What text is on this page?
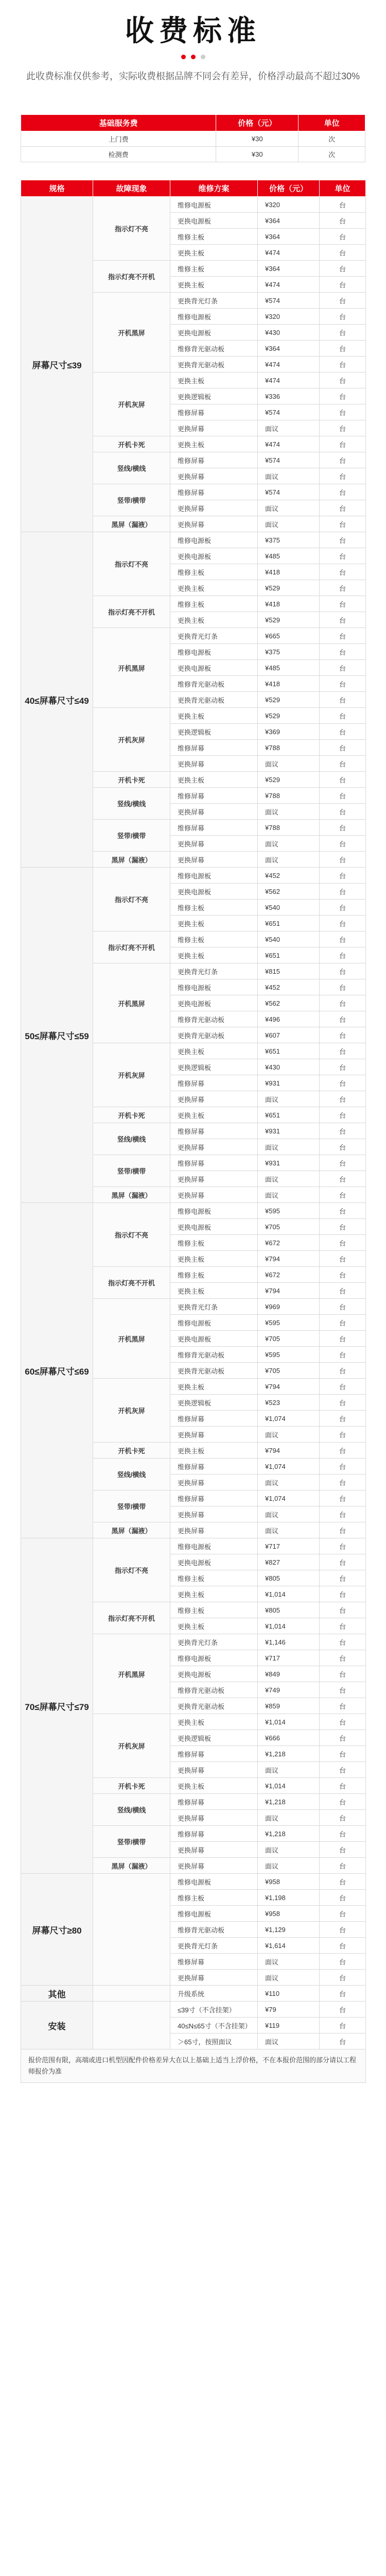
收费标准
此收费标准仅供参考，实际收费根据品牌不同会有差异，价格浮动最高不超过30%
基础服务费	价格（元）	单位
上门费	¥30	次
检测费	¥30	次
规格	故障现象	维修方案	价格（元）	单位
屏幕尺寸≤39	指示灯不亮	维修电源板	¥320	台
		更换电源板	¥364	台
		维修主板	¥364	台
		更换主板	¥474	台
	指示灯亮不开机	维修主板	¥364	台
		更换主板	¥474	台
	开机黑屏	更换背光灯条	¥574	台
		维修电源板	¥320	台
		更换电源板	¥430	台
		维修背光驱动板	¥364	台
		更换背光驱动板	¥474	台
	开机灰屏	更换主板	¥474	台
		更换逻辑板	¥336	台
		维修屏幕	¥574	台
		更换屏幕	面议	台
	开机卡死	更换主板	¥474	台
	竖线/横线	维修屏幕	¥574	台
		更换屏幕	面议	台
	竖带/横带	维修屏幕	¥574	台
		更换屏幕	面议	台
	黑屏（漏液）	更换屏幕	面议	台
40≤屏幕尺寸≤49	指示灯不亮	维修电源板	¥375	台
		更换电源板	¥485	台
		维修主板	¥418	台
		更换主板	¥529	台
	指示灯亮不开机	维修主板	¥418	台
		更换主板	¥529	台
	开机黑屏	更换背光灯条	¥665	台
		维修电源板	¥375	台
		更换电源板	¥485	台
		维修背光驱动板	¥418	台
		更换背光驱动板	¥529	台
	开机灰屏	更换主板	¥529	台
		更换逻辑板	¥369	台
		维修屏幕	¥788	台
		更换屏幕	面议	台
	开机卡死	更换主板	¥529	台
	竖线/横线	维修屏幕	¥788	台
		更换屏幕	面议	台
	竖带/横带	维修屏幕	¥788	台
		更换屏幕	面议	台
	黑屏（漏液）	更换屏幕	面议	台
50≤屏幕尺寸≤59	指示灯不亮	维修电源板	¥452	台
		更换电源板	¥562	台
		维修主板	¥540	台
		更换主板	¥651	台
	指示灯亮不开机	维修主板	¥540	台
		更换主板	¥651	台
	开机黑屏	更换背光灯条	¥815	台
		维修电源板	¥452	台
		更换电源板	¥562	台
		维修背光驱动板	¥496	台
		更换背光驱动板	¥607	台
	开机灰屏	更换主板	¥651	台
		更换逻辑板	¥430	台
		维修屏幕	¥931	台
		更换屏幕	面议	台
	开机卡死	更换主板	¥651	台
	竖线/横线	维修屏幕	¥931	台
		更换屏幕	面议	台
	竖带/横带	维修屏幕	¥931	台
		更换屏幕	面议	台
	黑屏（漏液）	更换屏幕	面议	台
60≤屏幕尺寸≤69	指示灯不亮	维修电源板	¥595	台
		更换电源板	¥705	台
		维修主板	¥672	台
		更换主板	¥794	台
	指示灯亮不开机	维修主板	¥672	台
		更换主板	¥794	台
	开机黑屏	更换背光灯条	¥969	台
		维修电源板	¥595	台
		更换电源板	¥705	台
		维修背光驱动板	¥595	台
		更换背光驱动板	¥705	台
	开机灰屏	更换主板	¥794	台
		更换逻辑板	¥523	台
		维修屏幕	¥1,074	台
		更换屏幕	面议	台
	开机卡死	更换主板	¥794	台
	竖线/横线	维修屏幕	¥1,074	台
		更换屏幕	面议	台
	竖带/横带	维修屏幕	¥1,074	台
		更换屏幕	面议	台
	黑屏（漏液）	更换屏幕	面议	台
70≤屏幕尺寸≤79	指示灯不亮	维修电源板	¥717	台
		更换电源板	¥827	台
		维修主板	¥805	台
		更换主板	¥1,014	台
	指示灯亮不开机	维修主板	¥805	台
		更换主板	¥1,014	台
	开机黑屏	更换背光灯条	¥1,146	台
		维修电源板	¥717	台
		更换电源板	¥849	台
		维修背光驱动板	¥749	台
		更换背光驱动板	¥859	台
	开机灰屏	更换主板	¥1,014	台
		更换逻辑板	¥666	台
		维修屏幕	¥1,218	台
		更换屏幕	面议	台
	开机卡死	更换主板	¥1,014	台
	竖线/横线	维修屏幕	¥1,218	台
		更换屏幕	面议	台
	竖带/横带	维修屏幕	¥1,218	台
		更换屏幕	面议	台
	黑屏（漏液）	更换屏幕	面议	台
屏幕尺寸≥80		维修电源板	¥958	台
		维修主板	¥1,198	台
		维修电源板	¥958	台
		维修背光驱动板	¥1,129	台
		更换背光灯条	¥1,614	台
		维修屏幕	面议	台
		更换屏幕	面议	台
其他		升级系统	¥110	台
安装		≤39寸（不含挂架）	¥79	台
		40≤N≤65寸（不含挂架）	¥119	台
		＞65寸，按照面议	面议	台
报价范围有限，高端或进口机型因配件价格差异大在以上基础上适当上浮价格，不在本报价范围的部分请以工程师报价为准				
